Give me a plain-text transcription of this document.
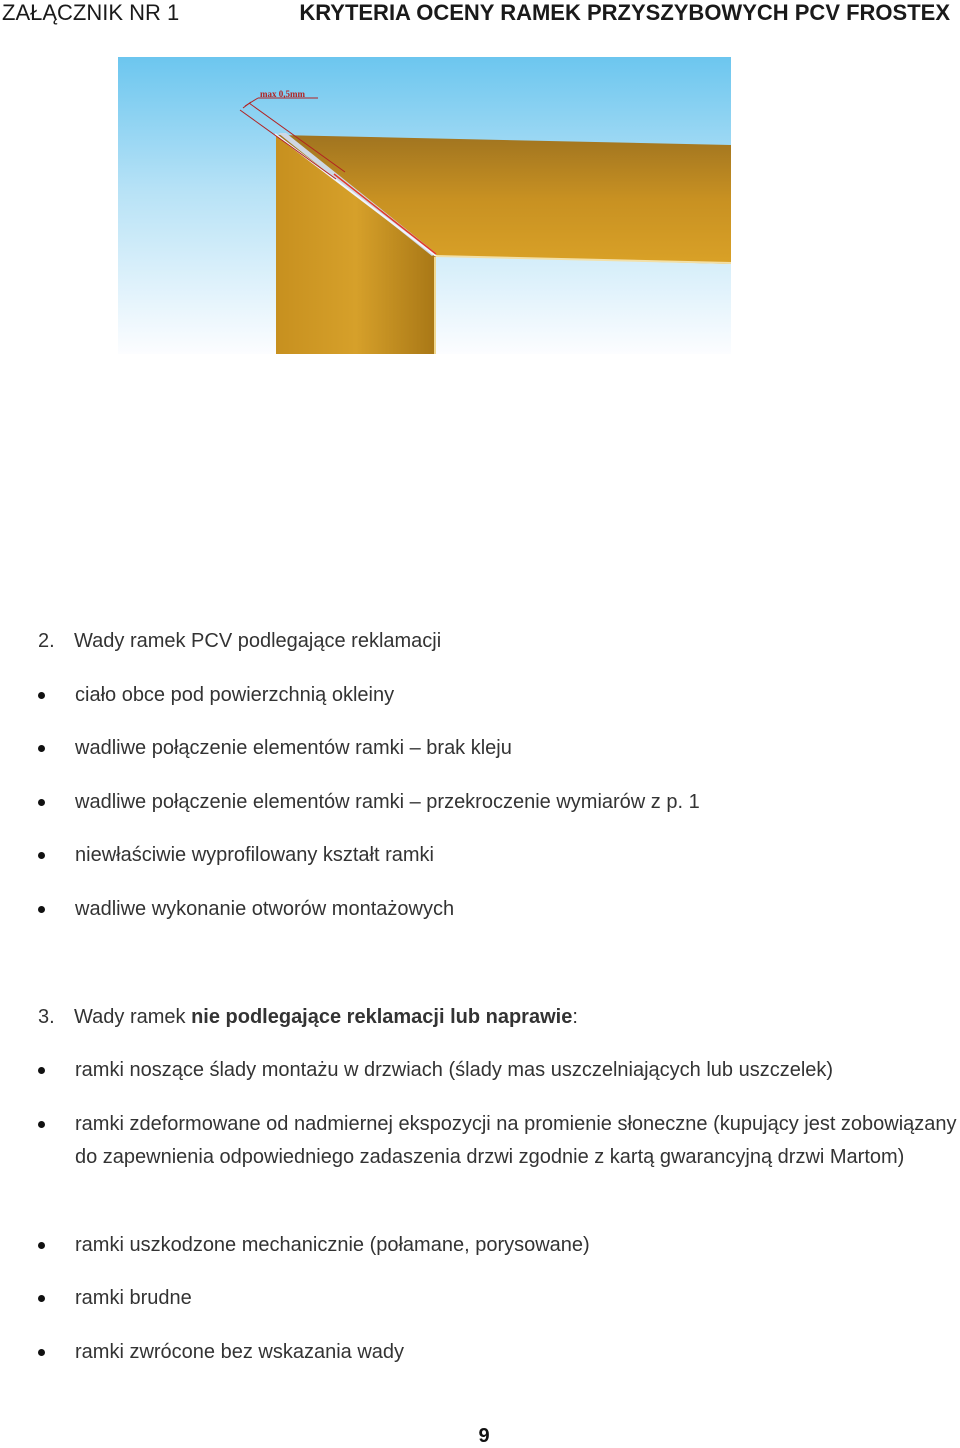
ZAŁĄCZNIK NR 1	KRYTERIA OCENY RAMEK PRZYSZYBOWYCH PCV FROSTEX
max 0,5mm
2. Wady ramek PCV podlegające reklamacji
ciało obce pod powierzchnią okleiny
wadliwe połączenie elementów ramki – brak kleju
wadliwe połączenie elementów ramki – przekroczenie wymiarów z p. 1
niewłaściwie wyprofilowany kształt ramki
wadliwe wykonanie otworów montażowych
3. Wady ramek nie podlegające reklamacji lub naprawie:
ramki noszące ślady montażu w drzwiach (ślady mas uszczelniających lub uszczelek)
ramki zdeformowane od nadmiernej ekspozycji na promienie słoneczne (kupujący jest zobowiązany do zapewnienia odpowiedniego zadaszenia drzwi zgodnie z kartą gwarancyjną drzwi Martom)
ramki uszkodzone mechanicznie (połamane, porysowane)
ramki brudne
ramki zwrócone bez wskazania wady
9
